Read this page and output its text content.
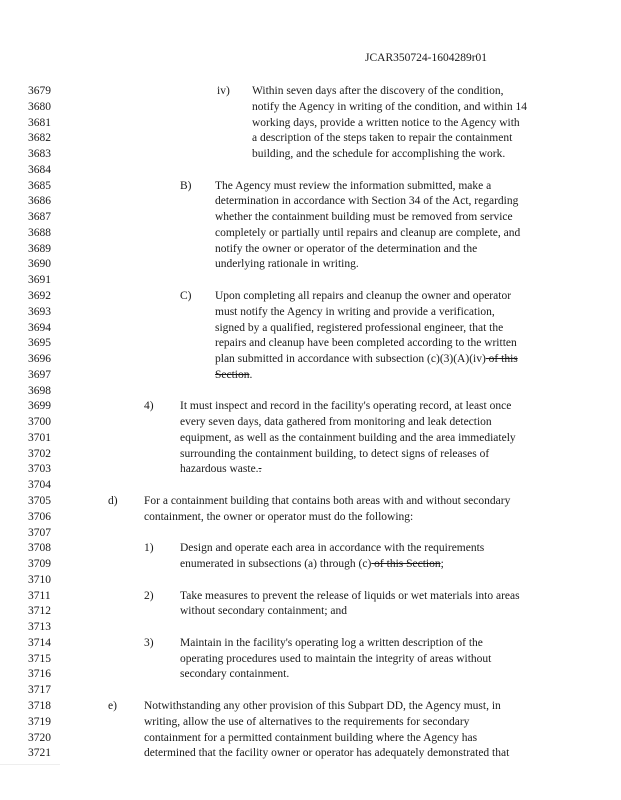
JCAR350724-1604289r01
3679	iv) Within seven days after the discovery of the condition,
3680	notify the Agency in writing of the condition, and within 14
3681	working days, provide a written notice to the Agency with
3682	a description of the steps taken to repair the containment
3683	building, and the schedule for accomplishing the work.
3684
3685	B) The Agency must review the information submitted, make a
3686	determination in accordance with Section 34 of the Act, regarding
3687	whether the containment building must be removed from service
3688	completely or partially until repairs and cleanup are complete, and
3689	notify the owner or operator of the determination and the
3690	underlying rationale in writing.
3691
3692	C) Upon completing all repairs and cleanup the owner and operator
3693	must notify the Agency in writing and provide a verification,
3694	signed by a qualified, registered professional engineer, that the
3695	repairs and cleanup have been completed according to the written
3696	plan submitted in accordance with subsection (c)(3)(A)(iv) of this
3697	Section.
3698
3699	4) It must inspect and record in the facility's operating record, at least once
3700	every seven days, data gathered from monitoring and leak detection
3701	equipment, as well as the containment building and the area immediately
3702	surrounding the containment building, to detect signs of releases of
3703	hazardous waste..
3704
3705	d) For a containment building that contains both areas with and without secondary
3706	containment, the owner or operator must do the following:
3707
3708	1) Design and operate each area in accordance with the requirements
3709	enumerated in subsections (a) through (c) of this Section;
3710
3711	2) Take measures to prevent the release of liquids or wet materials into areas
3712	without secondary containment; and
3713
3714	3) Maintain in the facility's operating log a written description of the
3715	operating procedures used to maintain the integrity of areas without
3716	secondary containment.
3717
3718	e) Notwithstanding any other provision of this Subpart DD, the Agency must, in
3719	writing, allow the use of alternatives to the requirements for secondary
3720	containment for a permitted containment building where the Agency has
3721	determined that the facility owner or operator has adequately demonstrated that
